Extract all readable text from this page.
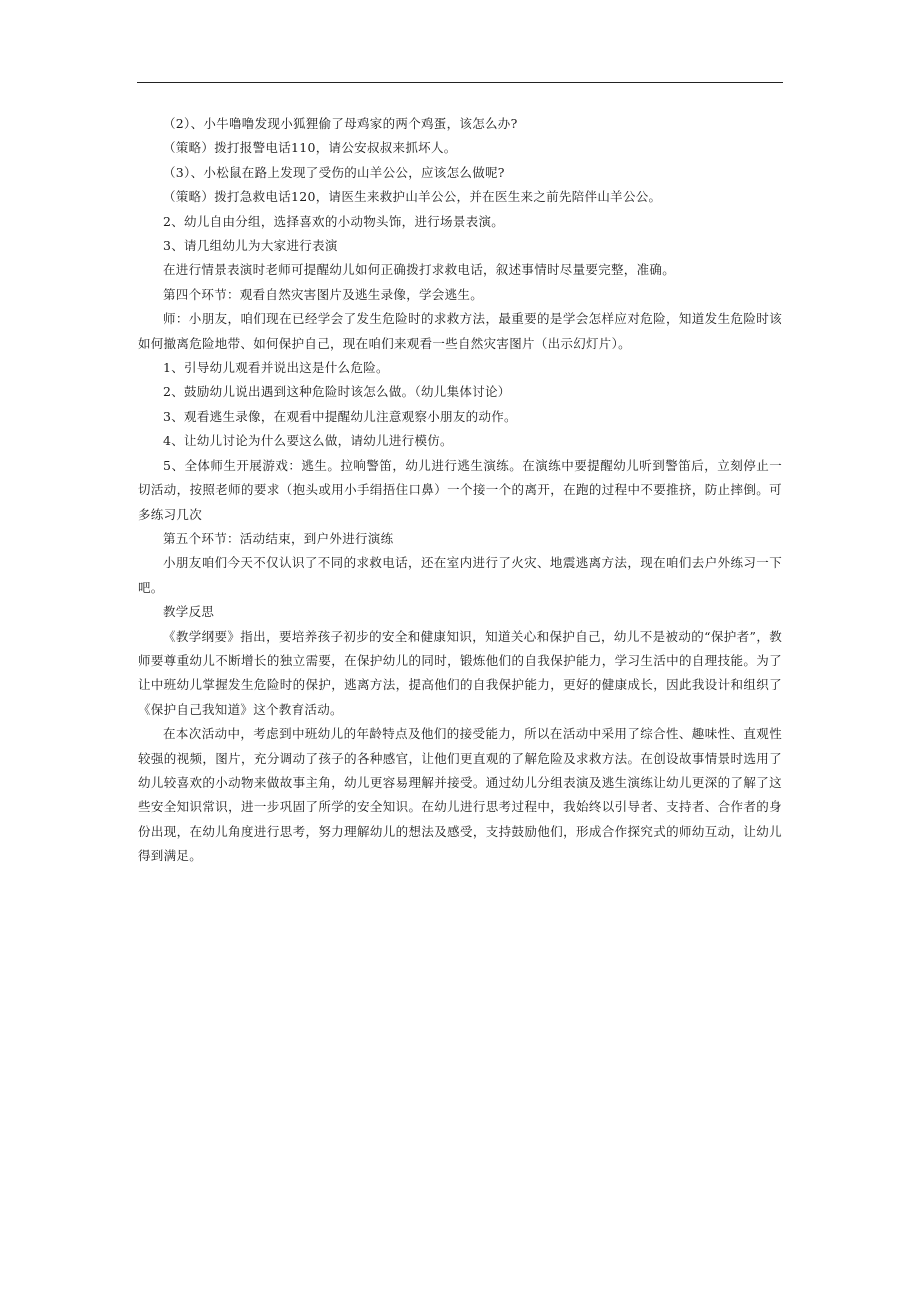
（2）、小牛噜噜发现小狐狸偷了母鸡家的两个鸡蛋，该怎么办?

（策略）拨打报警电话110，请公安叔叔来抓坏人。

（3）、小松鼠在路上发现了受伤的山羊公公，应该怎么做呢?

（策略）拨打急救电话120，请医生来救护山羊公公，并在医生来之前先陪伴山羊公公。

2、幼儿自由分组，选择喜欢的小动物头饰，进行场景表演。

3、请几组幼儿为大家进行表演

在进行情景表演时老师可提醒幼儿如何正确拨打求救电话，叙述事情时尽量要完整，准确。

第四个环节：观看自然灾害图片及逃生录像，学会逃生。

师：小朋友，咱们现在已经学会了发生危险时的求救方法，最重要的是学会怎样应对危险，知道发生危险时该如何撤离危险地带、如何保护自己，现在咱们来观看一些自然灾害图片（出示幻灯片）。

1、引导幼儿观看并说出这是什么危险。

2、鼓励幼儿说出遇到这种危险时该怎么做。（幼儿集体讨论）

3、观看逃生录像，在观看中提醒幼儿注意观察小朋友的动作。

4、让幼儿讨论为什么要这么做，请幼儿进行模仿。

5、全体师生开展游戏：逃生。拉响警笛，幼儿进行逃生演练。在演练中要提醒幼儿听到警笛后，立刻停止一切活动，按照老师的要求（抱头或用小手绢捂住口鼻）一个接一个的离开，在跑的过程中不要推挤，防止摔倒。可多练习几次

第五个环节：活动结束，到户外进行演练

小朋友咱们今天不仅认识了不同的求救电话，还在室内进行了火灾、地震逃离方法，现在咱们去户外练习一下吧。

教学反思

《教学纲要》指出，要培养孩子初步的安全和健康知识，知道关心和保护自己，幼儿不是被动的“保护者”，教师要尊重幼儿不断增长的独立需要，在保护幼儿的同时，锻炼他们的自我保护能力，学习生活中的自理技能。为了让中班幼儿掌握发生危险时的保护，逃离方法，提高他们的自我保护能力，更好的健康成长，因此我设计和组织了《保护自己我知道》这个教育活动。

在本次活动中，考虑到中班幼儿的年龄特点及他们的接受能力，所以在活动中采用了综合性、趣味性、直观性较强的视频，图片，充分调动了孩子的各种感官，让他们更直观的了解危险及求救方法。在创设故事情景时选用了幼儿较喜欢的小动物来做故事主角，幼儿更容易理解并接受。通过幼儿分组表演及逃生演练让幼儿更深的了解了这些安全知识常识，进一步巩固了所学的安全知识。在幼儿进行思考过程中，我始终以引导者、支持者、合作者的身份出现，在幼儿角度进行思考，努力理解幼儿的想法及感受，支持鼓励他们，形成合作探究式的师幼互动，让幼儿得到满足。
